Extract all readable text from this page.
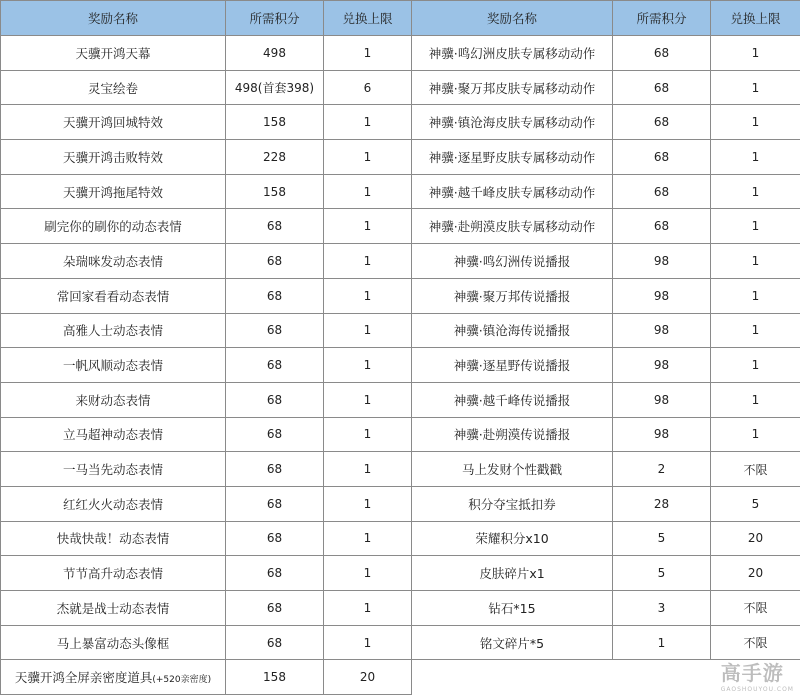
奖励名称	所需积分	兑换上限	奖励名称	所需积分	兑换上限
天骥开鸿天幕	498	1	神骥·鸣幻洲皮肤专属移动动作	68	1
灵宝绘卷	498(首套398)	6	神骥·聚万邦皮肤专属移动动作	68	1
天骥开鸿回城特效	158	1	神骥·镇沧海皮肤专属移动动作	68	1
天骥开鸿击败特效	228	1	神骥·逐星野皮肤专属移动动作	68	1
天骥开鸿拖尾特效	158	1	神骥·越千峰皮肤专属移动动作	68	1
刷完你的刷你的动态表情	68	1	神骥·赴朔漠皮肤专属移动动作	68	1
朵瑞咪发动态表情	68	1	神骥·鸣幻洲传说播报	98	1
常回家看看动态表情	68	1	神骥·聚万邦传说播报	98	1
高雅人士动态表情	68	1	神骥·镇沧海传说播报	98	1
一帆风顺动态表情	68	1	神骥·逐星野传说播报	98	1
来财动态表情	68	1	神骥·越千峰传说播报	98	1
立马超神动态表情	68	1	神骥·赴朔漠传说播报	98	1
一马当先动态表情	68	1	马上发财个性戳戳	2	不限
红红火火动态表情	68	1	积分夺宝抵扣券	28	5
快哉快哉！动态表情	68	1	荣耀积分x10	5	20
节节高升动态表情	68	1	皮肤碎片x1	5	20
杰就是战士动态表情	68	1	钻石*15	3	不限
马上暴富动态头像框	68	1	铭文碎片*5	1	不限
天骥开鸿全屏亲密度道具(+520亲密度)	158	20				高手游
GAOSHOUYOU.COM
